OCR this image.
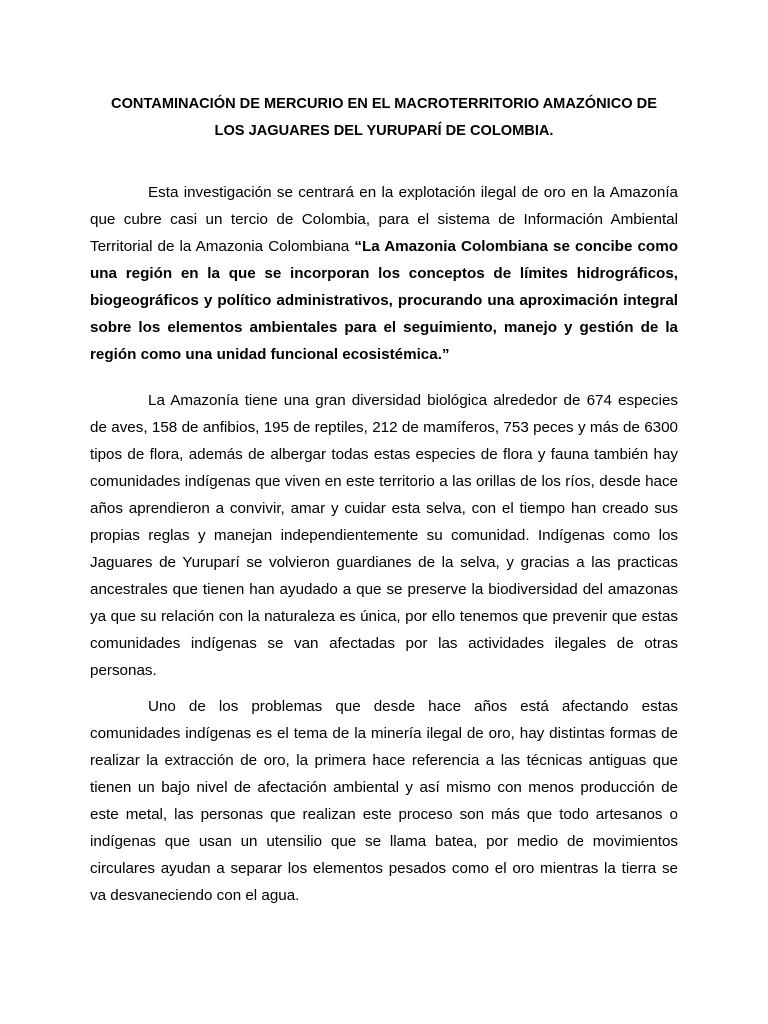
CONTAMINACIÓN DE MERCURIO EN EL MACROTERRITORIO AMAZÓNICO DE
LOS JAGUARES DEL YURUPARÍ DE COLOMBIA.

Esta investigación se centrará en la explotación ilegal de oro en la Amazonía que cubre casi un tercio de Colombia, para el sistema de Información Ambiental Territorial de la Amazonia Colombiana “La Amazonia Colombiana se concibe como una región en la que se incorporan los conceptos de límites hidrográficos, biogeográficos y político administrativos, procurando una aproximación integral sobre los elementos ambientales para el seguimiento, manejo y gestión de la región como una unidad funcional ecosistémica.”

La Amazonía tiene una gran diversidad biológica alrededor de 674 especies de aves, 158 de anfibios, 195 de reptiles, 212 de mamíferos, 753 peces y más de 6300 tipos de flora, además de albergar todas estas especies de flora y fauna también hay comunidades indígenas que viven en este territorio a las orillas de los ríos, desde hace años aprendieron a convivir, amar y cuidar esta selva, con el tiempo han creado sus propias reglas y manejan independientemente su comunidad. Indígenas como los Jaguares de Yuruparí se volvieron guardianes de la selva, y gracias a las practicas ancestrales que tienen han ayudado a que se preserve la biodiversidad del amazonas ya que su relación con la naturaleza es única, por ello tenemos que prevenir que estas comunidades indígenas se van afectadas por las actividades ilegales de otras personas.

Uno de los problemas que desde hace años está afectando estas comunidades indígenas es el tema de la minería ilegal de oro, hay distintas formas de realizar la extracción de oro, la primera hace referencia a las técnicas antiguas que tienen un bajo nivel de afectación ambiental y así mismo con menos producción de este metal, las personas que realizan este proceso son más que todo artesanos o indígenas que usan un utensilio que se llama batea, por medio de movimientos circulares ayudan a separar los elementos pesados como el oro mientras la tierra se va desvaneciendo con el agua.
